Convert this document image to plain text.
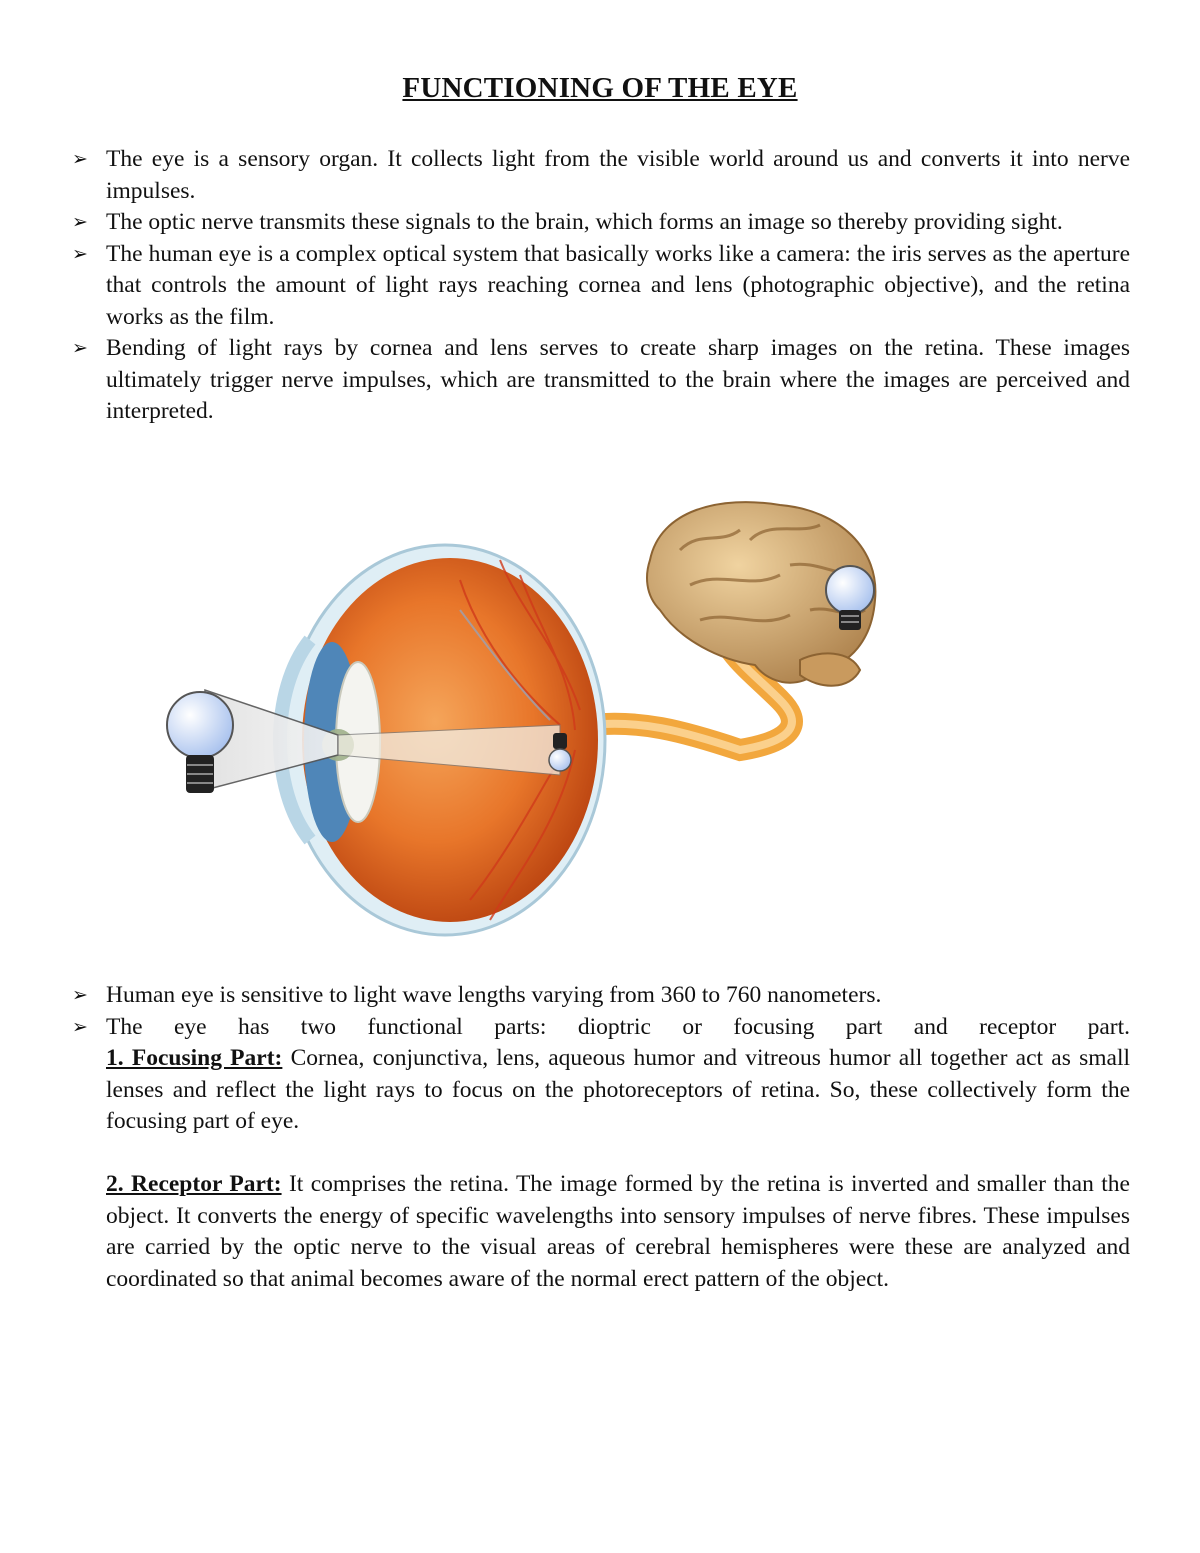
FUNCTIONING OF THE EYE
➢ The eye is a sensory organ. It collects light from the visible world around us and converts it into nerve impulses.
➢ The optic nerve transmits these signals to the brain, which forms an image so thereby providing sight.
➢ The human eye is a complex optical system that basically works like a camera: the iris serves as the aperture that controls the amount of light rays reaching cornea and lens (photographic objective), and the retina works as the film.
➢ Bending of light rays by cornea and lens serves to create sharp images on the retina. These images ultimately trigger nerve impulses, which are transmitted to the brain where the images are perceived and interpreted.
➢ Human eye is sensitive to light wave lengths varying from 360 to 760 nanometers.
➢ The eye has two functional parts: dioptric or focusing part and receptor part.
1. Focusing Part: Cornea, conjunctiva, lens, aqueous humor and vitreous humor all together act as small lenses and reflect the light rays to focus on the photoreceptors of retina. So, these collectively form the focusing part of eye.
2. Receptor Part: It comprises the retina. The image formed by the retina is inverted and smaller than the object. It converts the energy of specific wavelengths into sensory impulses of nerve fibres. These impulses are carried by the optic nerve to the visual areas of cerebral hemispheres were these are analyzed and coordinated so that animal becomes aware of the normal erect pattern of the object.
